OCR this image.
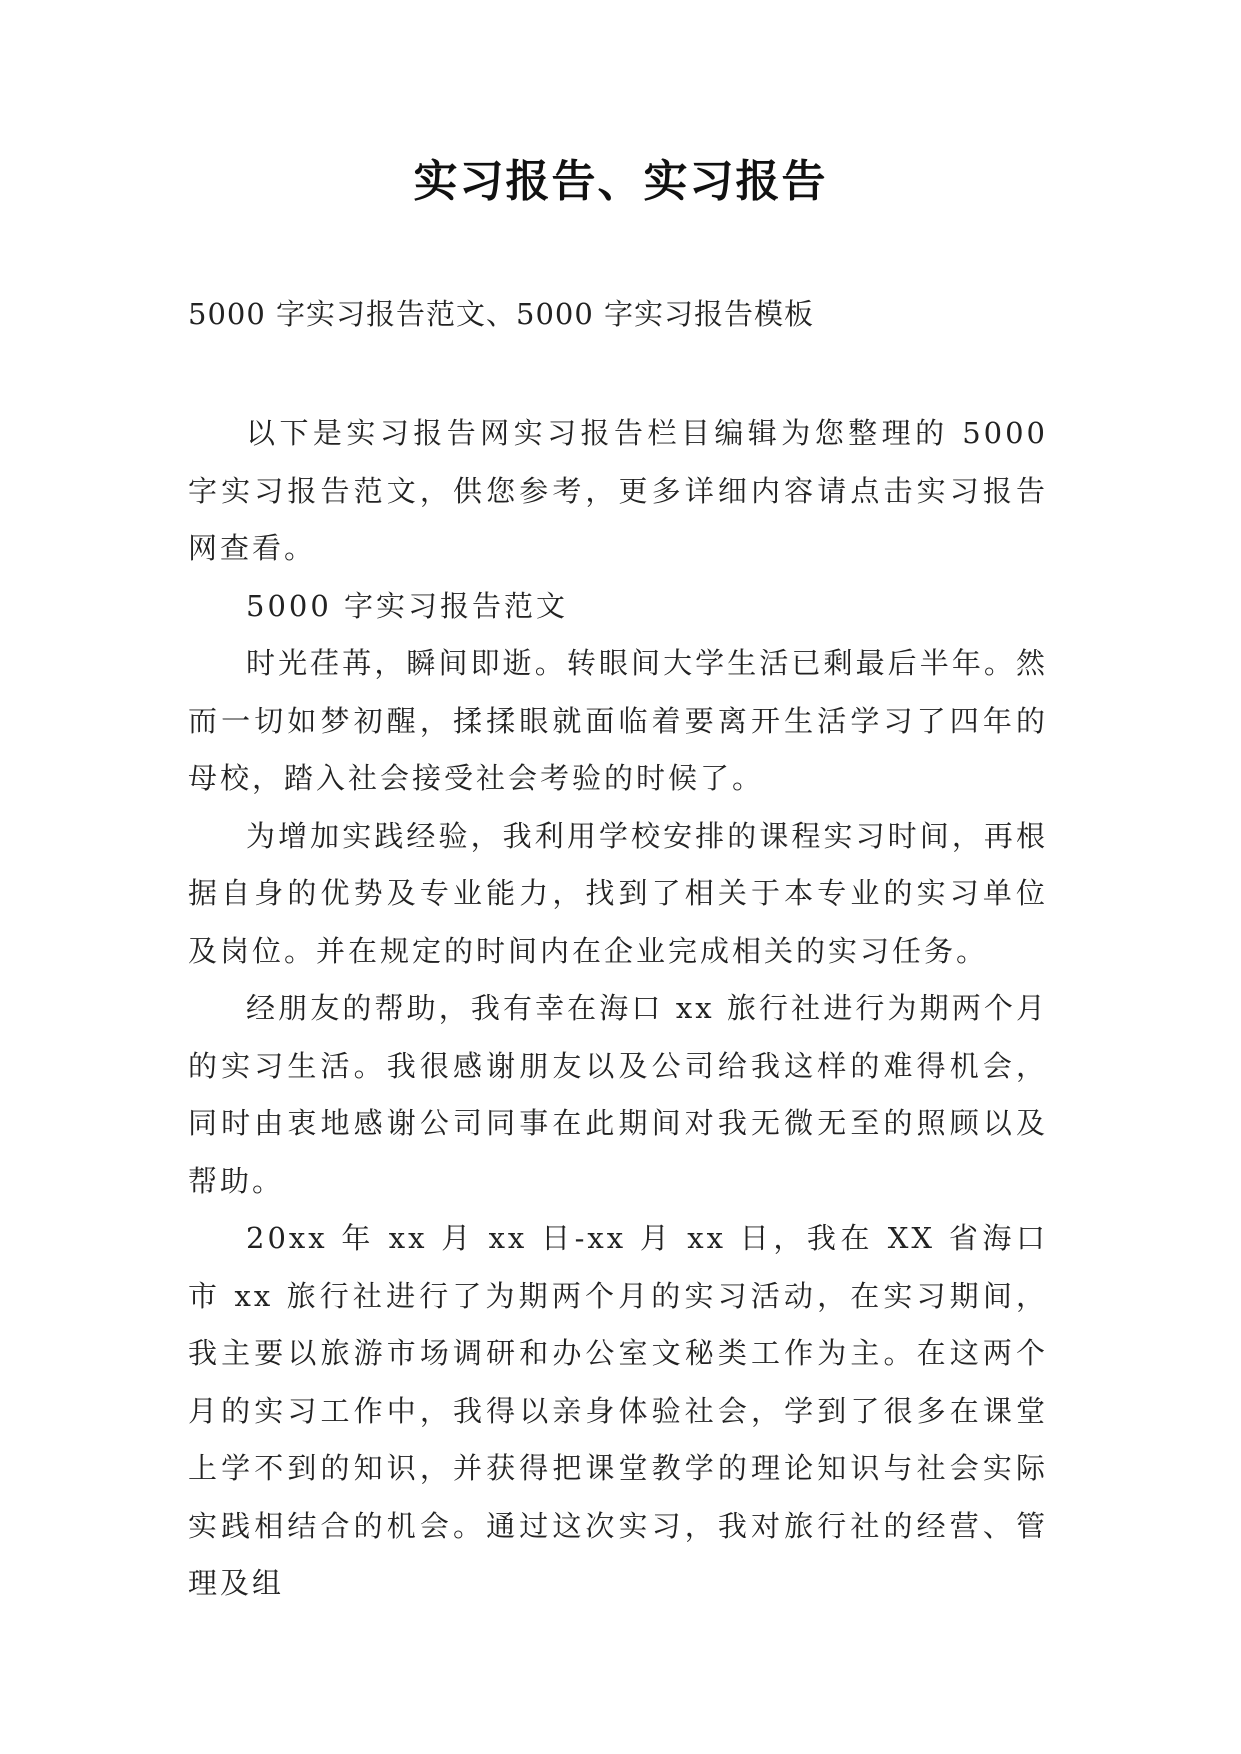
实习报告、实习报告
5000 字实习报告范文、5000 字实习报告模板

以下是实习报告网实习报告栏目编辑为您整理的 5000 字实习报告范文，供您参考，更多详细内容请点击实习报告网查看。

5000 字实习报告范文

时光荏苒，瞬间即逝。转眼间大学生活已剩最后半年。然而一切如梦初醒，揉揉眼就面临着要离开生活学习了四年的母校，踏入社会接受社会考验的时候了。

为增加实践经验，我利用学校安排的课程实习时间，再根据自身的优势及专业能力，找到了相关于本专业的实习单位及岗位。并在规定的时间内在企业完成相关的实习任务。

经朋友的帮助，我有幸在海口 xx 旅行社进行为期两个月的实习生活。我很感谢朋友以及公司给我这样的难得机会，同时由衷地感谢公司同事在此期间对我无微无至的照顾以及帮助。

20xx 年 xx 月 xx 日-xx 月 xx 日，我在 XX 省海口市 xx 旅行社进行了为期两个月的实习活动，在实习期间，我主要以旅游市场调研和办公室文秘类工作为主。在这两个月的实习工作中，我得以亲身体验社会，学到了很多在课堂上学不到的知识，并获得把课堂教学的理论知识与社会实际实践相结合的机会。通过这次实习，我对旅行社的经营、管理及组
